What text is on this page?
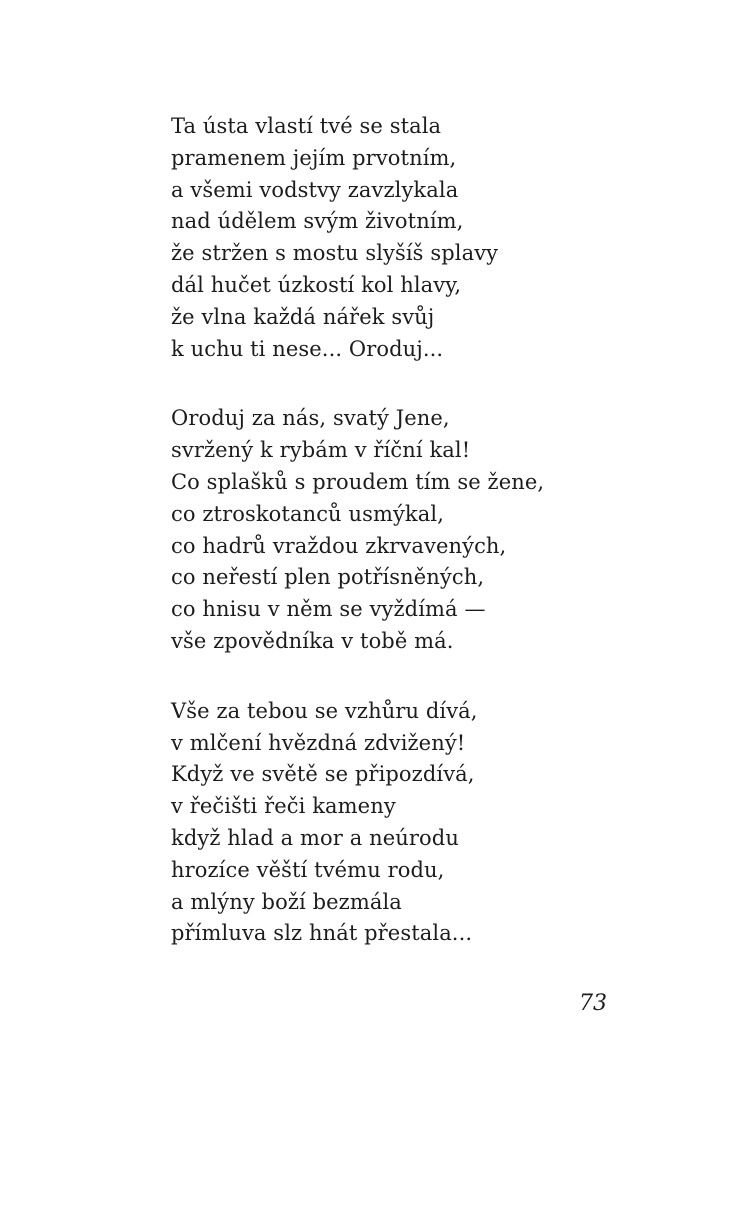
Ta ústa vlastí tvé se stala
pramenem jejím prvotním,
a všemi vodstvy zavzlykala
nad údělem svým životním,
že stržen s mostu slyšíš splavy
dál hučet úzkostí kol hlavy,
že vlna každá nářek svůj
k uchu ti nese... Oroduj...
Oroduj za nás, svatý Jene,
svržený k rybám v říční kal!
Co splašků s proudem tím se žene,
co ztroskotanců usmýkal,
co hadrů vraždou zkrvavených,
co neřestí plen potřísněných,
co hnisu v něm se vyždímá —
vše zpovědníka v tobě má.
Vše za tebou se vzhůru dívá,
v mlčení hvězdná zdvižený!
Když ve světě se připozdívá,
v řečišti řeči kameny
když hlad a mor a neúrodu
hrozíce věští tvému rodu,
a mlýny boží bezmála
přímluva slz hnát přestala...
73
